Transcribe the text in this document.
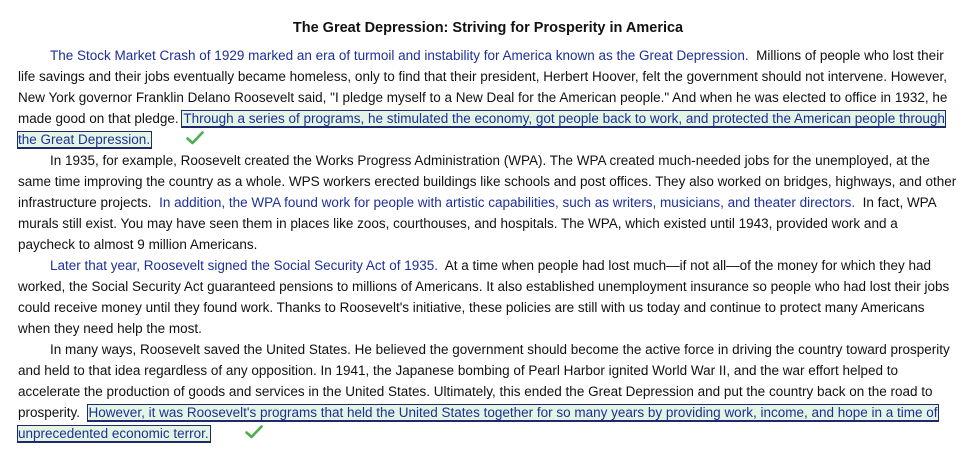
The Great Depression: Striving for Prosperity in America

The Stock Market Crash of 1929 marked an era of turmoil and instability for America known as the Great Depression. Millions of people who lost their life savings and their jobs eventually became homeless, only to find that their president, Herbert Hoover, felt the government should not intervene. However, New York governor Franklin Delano Roosevelt said, "I pledge myself to a New Deal for the American people." And when he was elected to office in 1932, he made good on that pledge. Through a series of programs, he stimulated the economy, got people back to work, and protected the American people through the Great Depression.

In 1935, for example, Roosevelt created the Works Progress Administration (WPA). The WPA created much-needed jobs for the unemployed, at the same time improving the country as a whole. WPS workers erected buildings like schools and post offices. They also worked on bridges, highways, and other infrastructure projects. In addition, the WPA found work for people with artistic capabilities, such as writers, musicians, and theater directors. In fact, WPA murals still exist. You may have seen them in places like zoos, courthouses, and hospitals. The WPA, which existed until 1943, provided work and a paycheck to almost 9 million Americans.

Later that year, Roosevelt signed the Social Security Act of 1935. At a time when people had lost much—if not all—of the money for which they had worked, the Social Security Act guaranteed pensions to millions of Americans. It also established unemployment insurance so people who had lost their jobs could receive money until they found work. Thanks to Roosevelt's initiative, these policies are still with us today and continue to protect many Americans when they need help the most.

In many ways, Roosevelt saved the United States. He believed the government should become the active force in driving the country toward prosperity and held to that idea regardless of any opposition. In 1941, the Japanese bombing of Pearl Harbor ignited World War II, and the war effort helped to accelerate the production of goods and services in the United States. Ultimately, this ended the Great Depression and put the country back on the road to prosperity. However, it was Roosevelt's programs that held the United States together for so many years by providing work, income, and hope in a time of unprecedented economic terror.
